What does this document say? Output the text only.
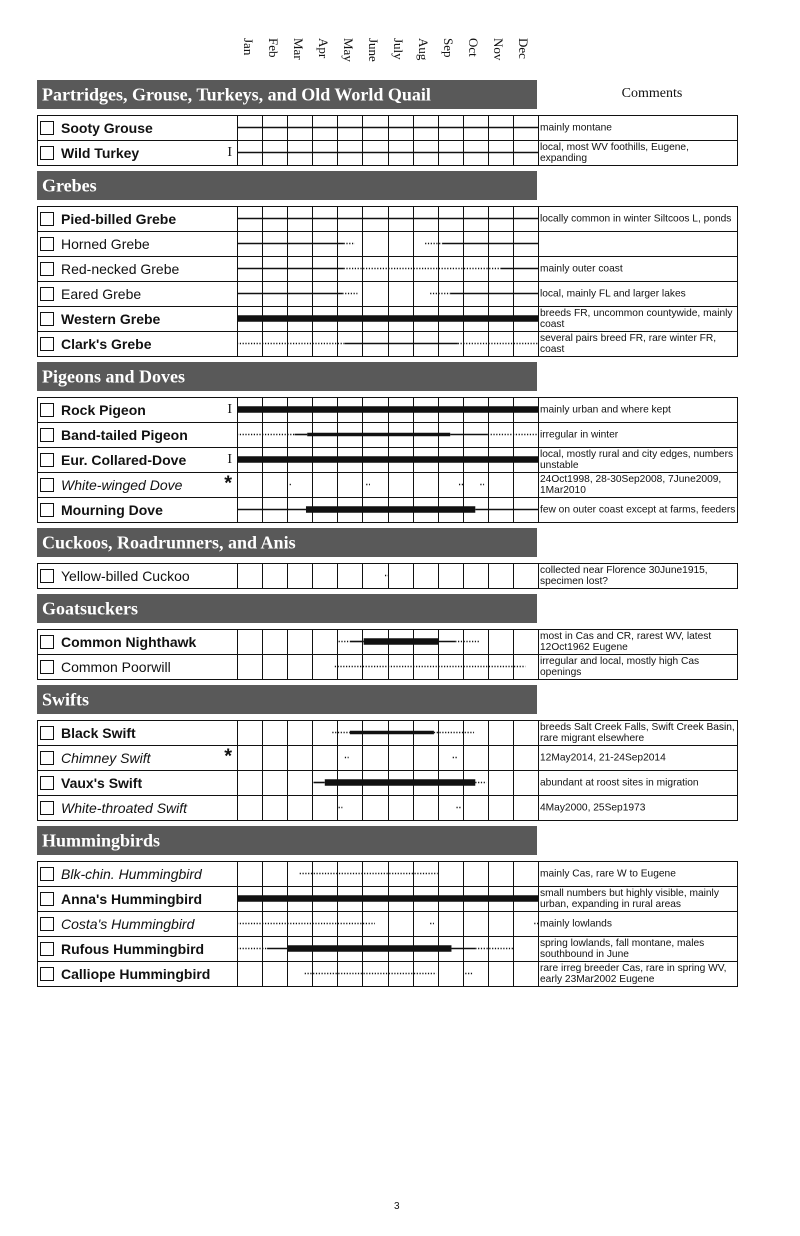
Jan Feb Mar Apr May June July Aug Sep Oct Nov Dec
Partridges, Grouse, Turkeys, and Old World Quail	Comments
Sooty Grouse	mainly montane
Wild Turkey	I	local, most WV foothills, Eugene, expanding
Grebes
Pied-billed Grebe	locally common in winter Siltcoos L, ponds
Horned Grebe
Red-necked Grebe	mainly outer coast
Eared Grebe	local, mainly FL and larger lakes
Western Grebe	breeds FR, uncommon countywide, mainly coast
Clark's Grebe	several pairs breed FR, rare winter FR, coast
Pigeons and Doves
Rock Pigeon	I	mainly urban and where kept
Band-tailed Pigeon	irregular in winter
Eur. Collared-Dove	I	local, mostly rural and city edges, numbers unstable
White-winged Dove *	24Oct1998, 28-30Sep2008, 7June2009, 1Mar2010
Mourning Dove	few on outer coast except at farms, feeders
Cuckoos, Roadrunners, and Anis
Yellow-billed Cuckoo	collected near Florence 30June1915, specimen lost?
Goatsuckers
Common Nighthawk	most in Cas and CR, rarest WV, latest 12Oct1962 Eugene
Common Poorwill	irregular and local, mostly high Cas openings
Swifts
Black Swift	breeds Salt Creek Falls, Swift Creek Basin, rare migrant elsewhere
Chimney Swift	*	12May2014, 21-24Sep2014
Vaux's Swift	abundant at roost sites in migration
White-throated Swift	4May2000, 25Sep1973
Hummingbirds
Blk-chin. Hummingbird	mainly Cas, rare W to Eugene
Anna's Hummingbird	small numbers but highly visible, mainly urban, expanding in rural areas
Costa's Hummingbird	mainly lowlands
Rufous Hummingbird	spring lowlands, fall montane, males southbound in June
Calliope Hummingbird	rare irreg breeder Cas, rare in spring WV, early 23Mar2002 Eugene
3
